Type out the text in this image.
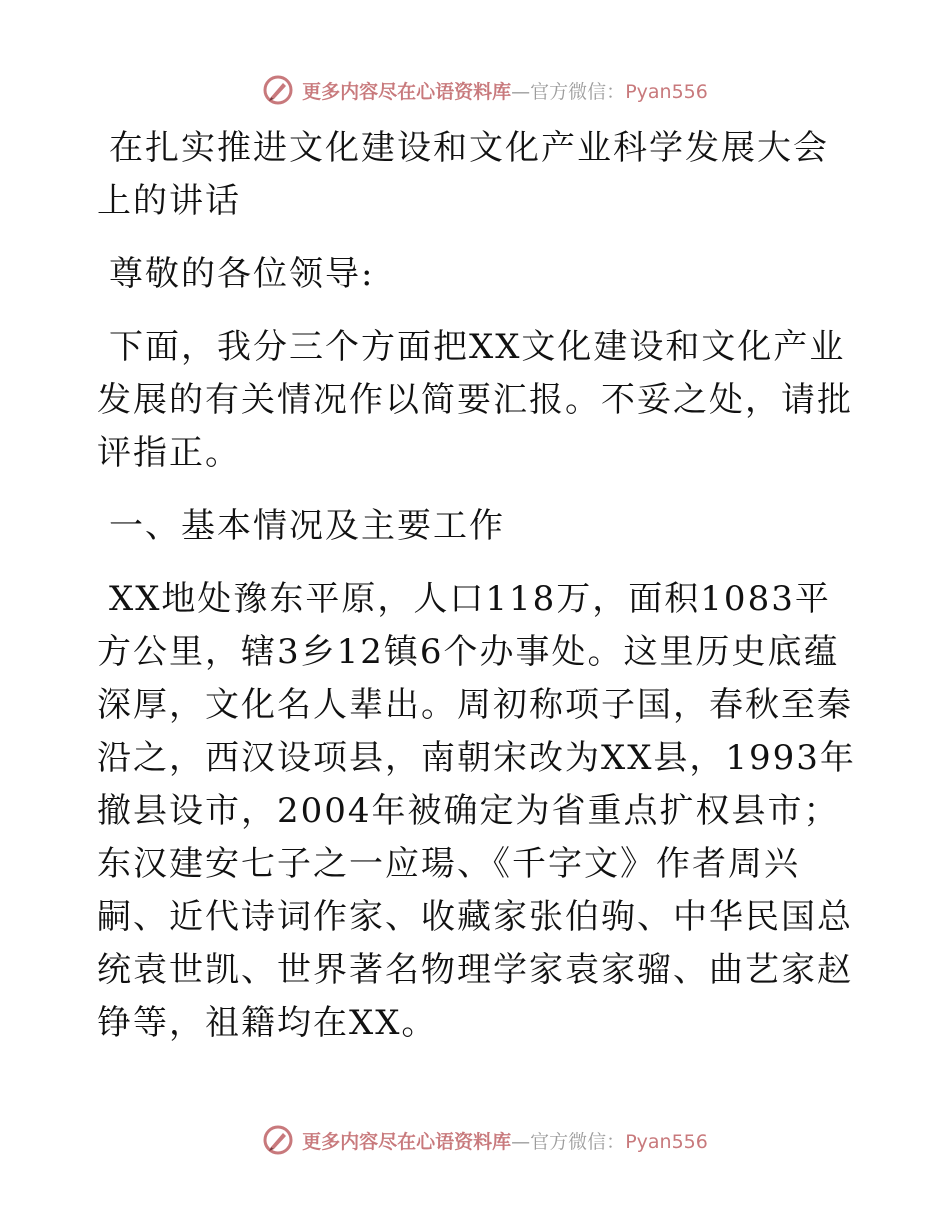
更多内容尽在心语资料库—官方微信：Pyan556

在扎实推进文化建设和文化产业科学发展大会上的讲话

尊敬的各位领导:

下面，我分三个方面把XX文化建设和文化产业发展的有关情况作以简要汇报。不妥之处，请批评指正。

一、基本情况及主要工作

XX地处豫东平原，人口118万，面积1083平方公里，辖3乡12镇6个办事处。这里历史底蕴深厚，文化名人辈出。周初称项子国，春秋至秦沿之，西汉设项县，南朝宋改为XX县，1993年撤县设市，2004年被确定为省重点扩权县市；东汉建安七子之一应瑒、《千字文》作者周兴嗣、近代诗词作家、收藏家张伯驹、中华民国总统袁世凯、世界著名物理学家袁家骝、曲艺家赵铮等，祖籍均在XX。

更多内容尽在心语资料库—官方微信：Pyan556
